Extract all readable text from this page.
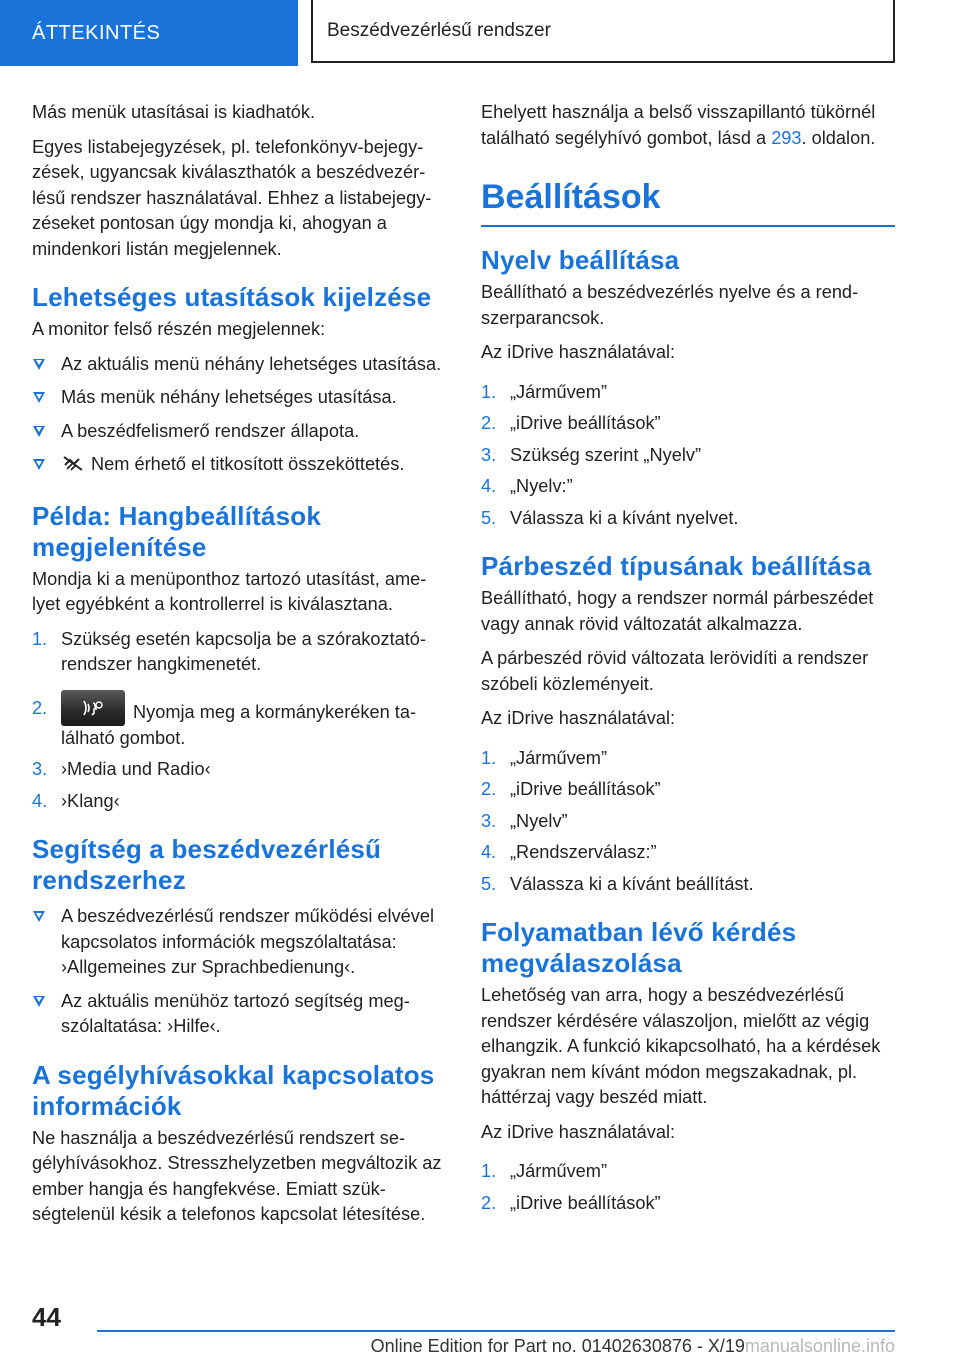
ÁTTEKINTÉS	Beszédvezérlésű rendszer

Más menük utasításai is kiadhatók.

Egyes listabejegyzések, pl. telefonkönyv-bejegyzések, ugyancsak kiválaszthatók a beszédvezérlésű rendszer használatával. Ehhez a listabejegyzéseket pontosan úgy mondja ki, ahogyan a mindenkori listán megjelennek.

Lehetséges utasítások kijelzése

A monitor felső részén megjelennek:

Az aktuális menü néhány lehetséges utasítása.
Más menük néhány lehetséges utasítása.
A beszédfelismerő rendszer állapota.
Nem érhető el titkosított összeköttetés.
Példa: Hangbeállítások megjelenítése

Mondja ki a menüponthoz tartozó utasítást, amelyet egyébként a kontrollerrel is kiválasztana.

1. Szükség esetén kapcsolja be a szórakoztatórendszer hangkimenetét.
2.	Nyomja meg a kormánykeréken található gombot.
3. ›Media und Radio‹
4. ›Klang‹
Segítség a beszédvezérlésű rendszerhez
A beszédvezérlésű rendszer működési elvével kapcsolatos információk megszólaltatása: ›Allgemeines zur Sprachbedienung‹.
Az aktuális menühöz tartozó segítség megszólaltatása: ›Hilfe‹.
A segélyhívásokkal kapcsolatos információk

Ne használja a beszédvezérlésű rendszert segélyhívásokhoz. Stresszhelyzetben megváltozik az ember hangja és hangfekvése. Emiatt szükségtelenül késik a telefonos kapcsolat létesítése.

Ehelyett használja a belső visszapillantó tükörnél található segélyhívó gombot, lásd a 293. oldalon.

Beállítások
Nyelv beállítása

Beállítható a beszédvezérlés nyelve és a rendszerparancsok.

Az iDrive használatával:

1. „Járművem”
2. „iDrive beállítások”
3. Szükség szerint „Nyelv”
4. „Nyelv:”
5. Válassza ki a kívánt nyelvet.
Párbeszéd típusának beállítása

Beállítható, hogy a rendszer normál párbeszédet vagy annak rövid változatát alkalmazza.

A párbeszéd rövid változata lerövidíti a rendszer szóbeli közleményeit.

Az iDrive használatával:

1. „Járművem”
2. „iDrive beállítások”
3. „Nyelv”
4. „Rendszerválasz:”
5. Válassza ki a kívánt beállítást.
Folyamatban lévő kérdés megválaszolása

Lehetőség van arra, hogy a beszédvezérlésű rendszer kérdésére válaszoljon, mielőtt az végig elhangzik. A funkció kikapcsolható, ha a kérdések gyakran nem kívánt módon megszakadnak, pl. háttérzaj vagy beszéd miatt.

Az iDrive használatával:

1. „Járművem”
2. „iDrive beállítások”
44
Online Edition for Part no. 01402630876 - X/19manualsonline.info
